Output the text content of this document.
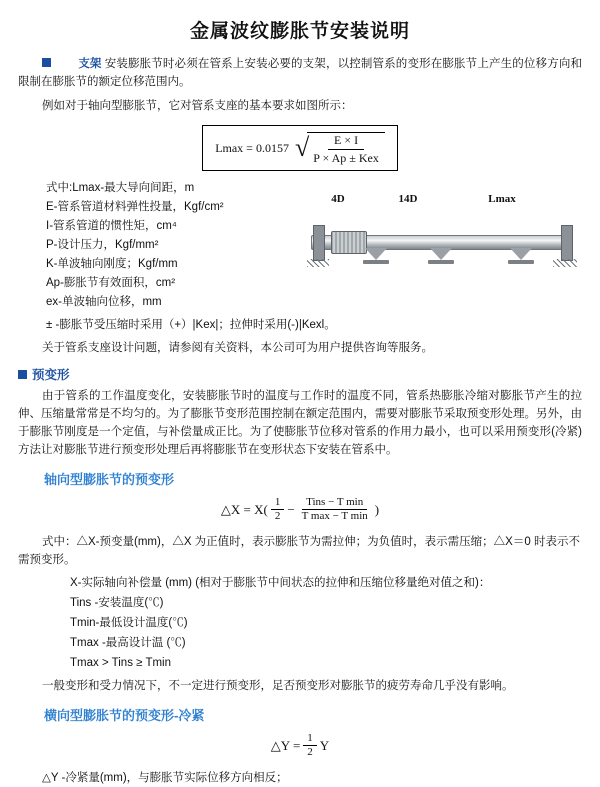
金属波纹膨胀节安装说明

支架 安装膨胀节时必须在管系上安装必要的支架，以控制管系的变形在膨胀节上产生的位移方向和限制在膨胀节的额定位移范围内。

例如对于轴向型膨胀节，它对管系支座的基本要求如图所示：

Lmax = 0.0157 √
$\frac{E \times I}{\text{P × Ap ± Kex}}$
式中:Lmax-最大导向间距，m
E-管系管道材料弹性投量，Kgf/cm²
I-管系管道的惯性矩，cm⁴
P-设计压力，Kgf/mm²
K-单波轴向刚度；Kgf/mm
Ap-膨胀节有效面积，cm²
ex-单波轴向位移，mm
4D	14D	Lmax
± -膨胀节受压缩时采用（+）|Kex|；拉伸时采用(-)|Kexl。

关于管系支座设计问题，请参阅有关资料，本公司可为用户提供咨询等服务。

预变形

由于管系的工作温度变化，安装膨胀节时的温度与工作时的温度不同，管系热膨胀冷缩对膨胀节产生的拉伸、压缩量常常是不均匀的。为了膨胀节变形范围控制在额定范围内，需要对膨胀节采取预变形处理。另外，由于膨胀节刚度是一个定值，与补偿量成正比。为了使膨胀节位移对管系的作用力最小，也可以采用预变形(冷紧)方法让对膨胀节进行预变形处理后再将膨胀节在变形状态下安装在管系中。

轴向型膨胀节的预变形
△X = $X( \frac{1}{2}$ −	Tins − T min
T max − T min )

式中：△X-预变量(mm)，△X 为正值时，表示膨胀节为需拉伸；为负值时，表示需压缩；△X＝0 时表示不需预变形。

X-实际轴向补偿量 (mm) (相对于膨胀节中间状态的拉伸和压缩位移量绝对值之和)：
Tins -安装温度(℃)
Tmin-最低设计温度(℃)
Tmax -最高设计温 (℃)
Tmax > Tins ≥ Tmin

一般变形和受力情况下，不一定进行预变形，足否预变形对膨胀节的疲劳寿命几乎没有影响。

横向型膨胀节的预变形-冷紧
△Y = $\frac{1}{2}$ Y

△Y -冷紧量(mm)，与膨胀节实际位移方向相反；
